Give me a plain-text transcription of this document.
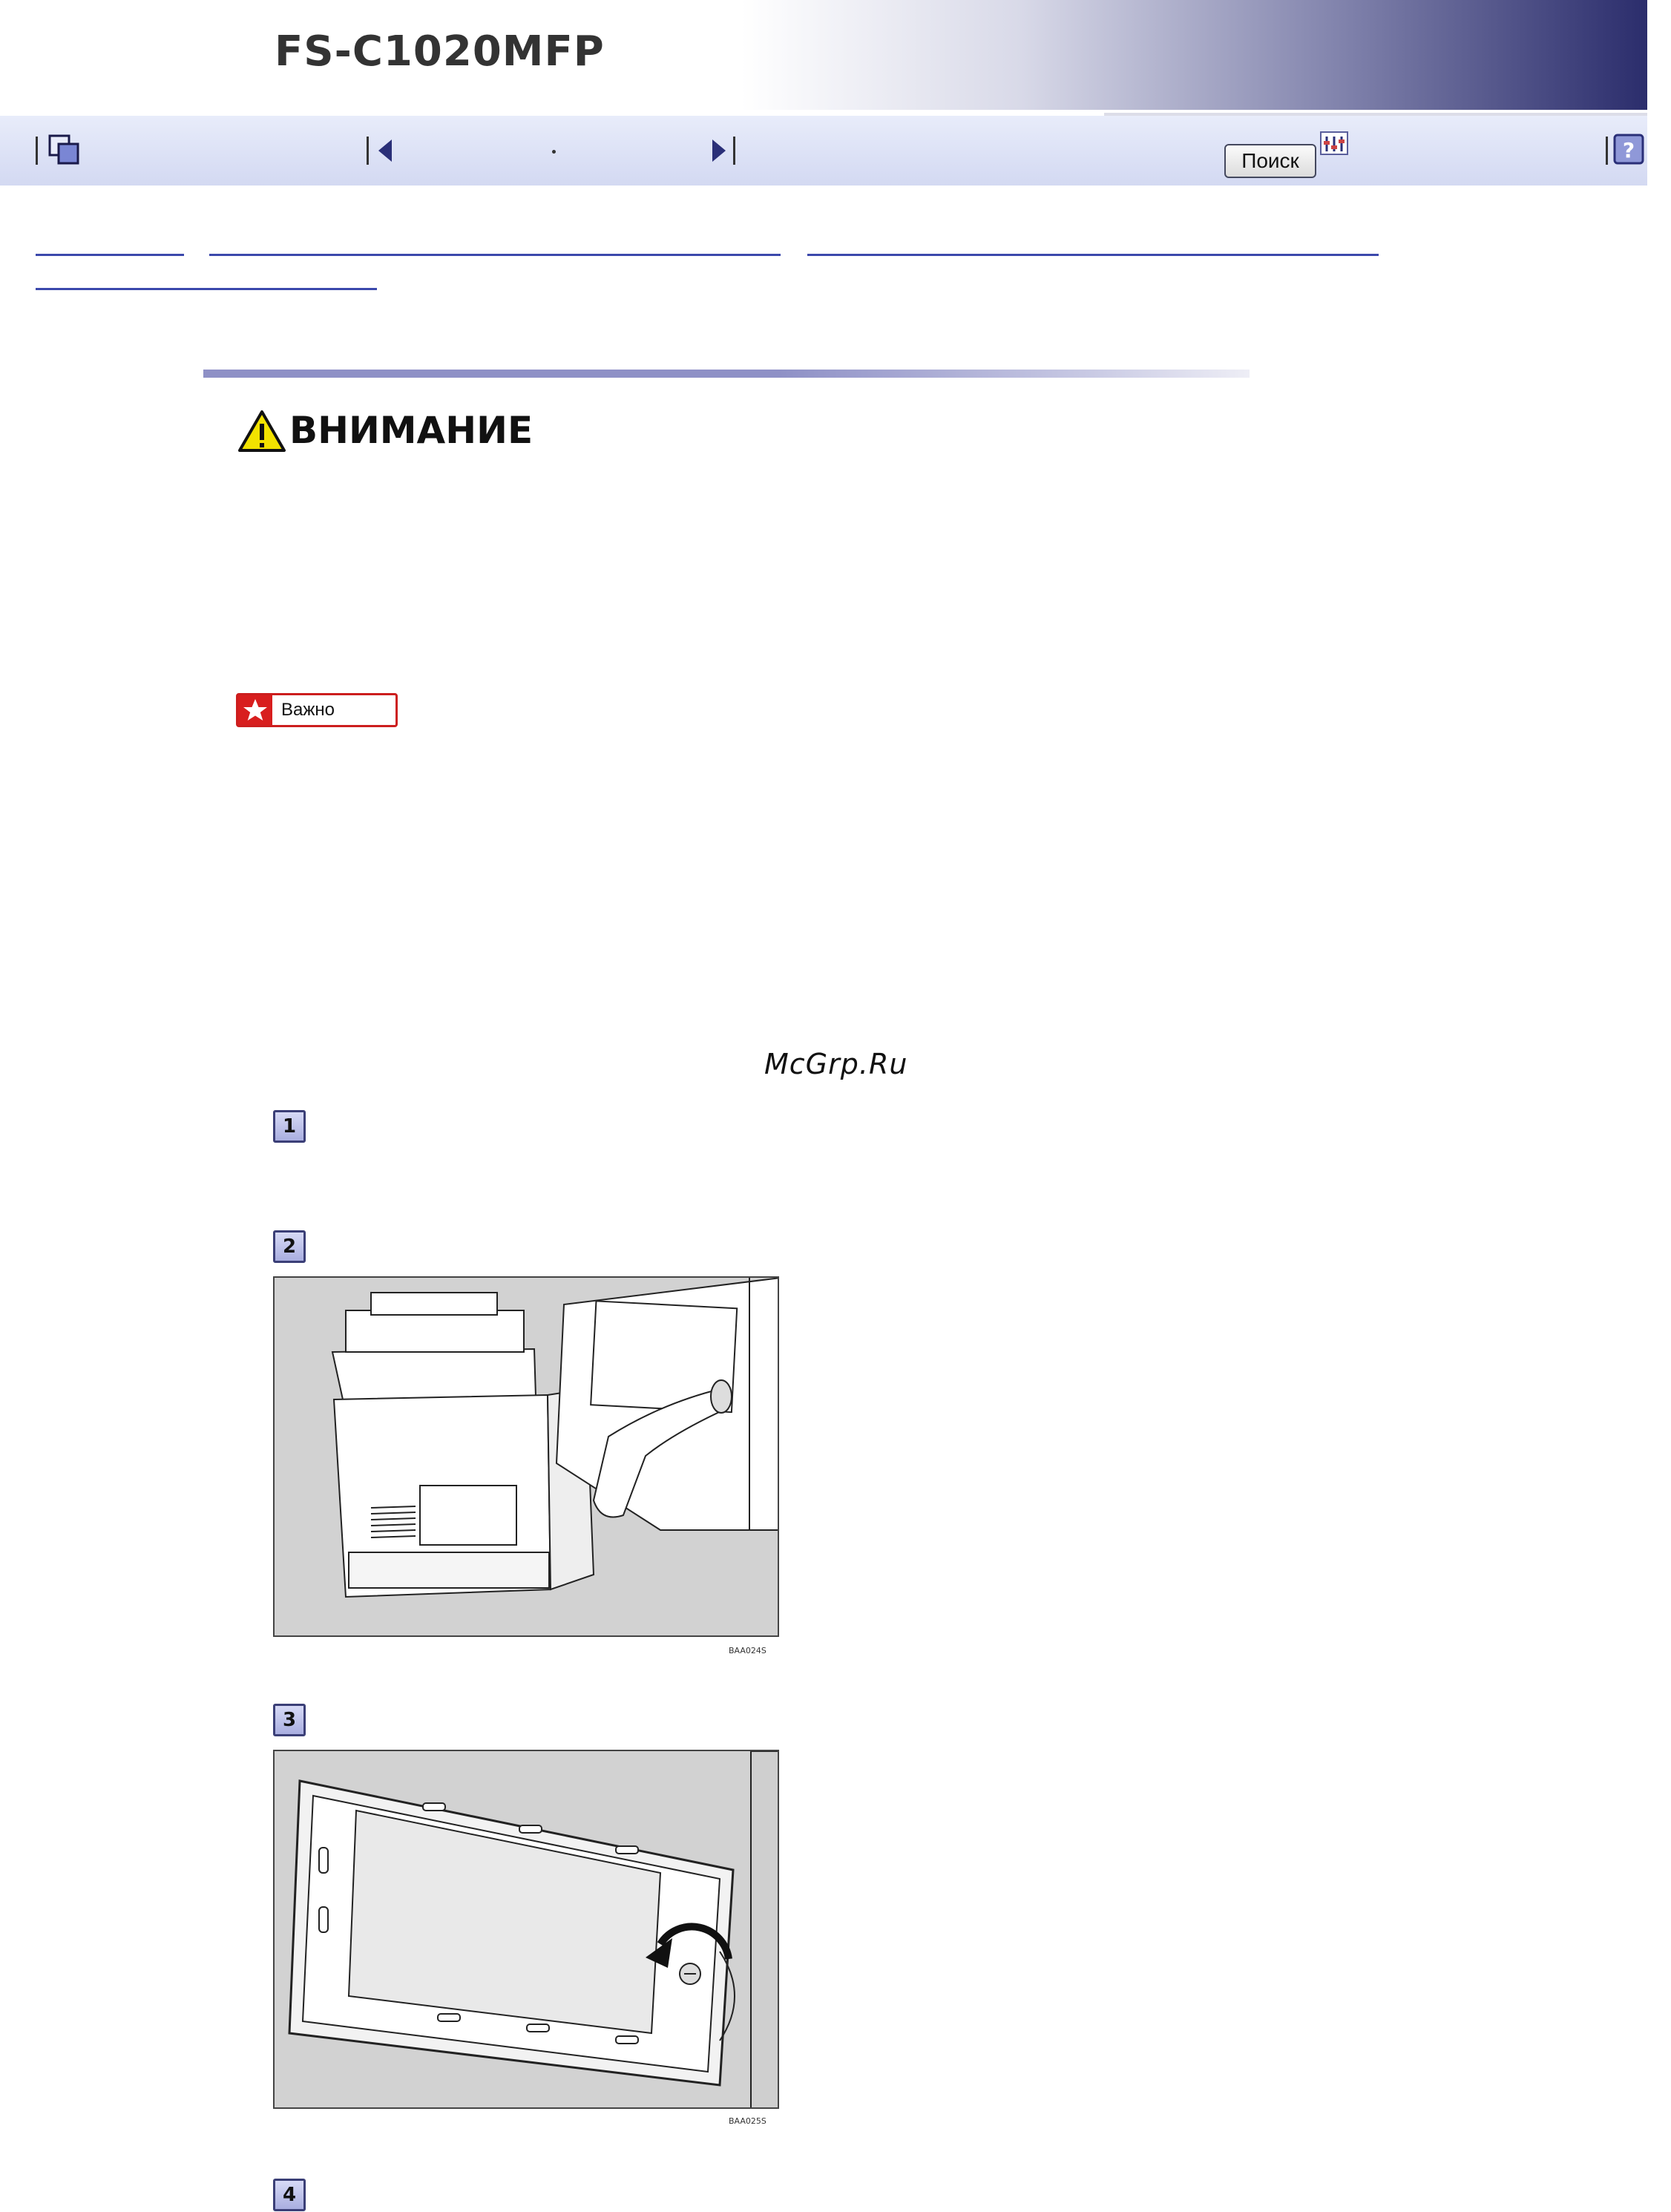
FS-C1020MFP
?
Поиск
ВНИМАНИЕ
Важно
McGrp.Ru
1
2
BAA024S
3
BAA025S
4
